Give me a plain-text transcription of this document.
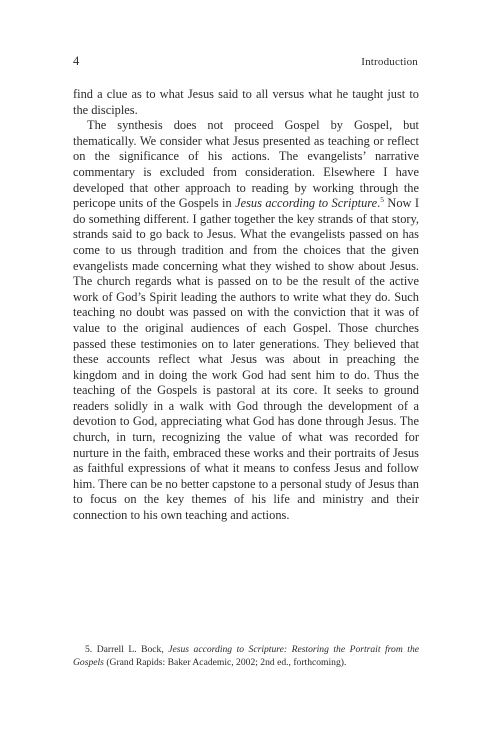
4	Introduction

find a clue as to what Jesus said to all versus what he taught just to the disciples.

The synthesis does not proceed Gospel by Gospel, but thematically. We consider what Jesus presented as teaching or reflect on the significance of his actions. The evangelists’ narrative commentary is excluded from consideration. Elsewhere I have developed that other approach to reading by working through the pericope units of the Gospels in Jesus according to Scripture.$^5$ Now I do something different. I gather together the key strands of that story, strands said to go back to Jesus. What the evangelists passed on has come to us through tradition and from the choices that the given evangelists made concerning what they wished to show about Jesus. The church regards what is passed on to be the result of the active work of God’s Spirit leading the authors to write what they do. Such teaching no doubt was passed on with the conviction that it was of value to the original audiences of each Gospel. Those churches passed these testimonies on to later generations. They believed that these accounts reflect what Jesus was about in preaching the kingdom and in doing the work God had sent him to do. Thus the teaching of the Gospels is pastoral at its core. It seeks to ground readers solidly in a walk with God through the development of a devotion to God, appreciating what God has done through Jesus. The church, in turn, recognizing the value of what was recorded for nurture in the faith, embraced these works and their portraits of Jesus as faithful expressions of what it means to confess Jesus and follow him. There can be no better capstone to a personal study of Jesus than to focus on the key themes of his life and ministry and their connection to his own teaching and actions.

5. Darrell L. Bock, Jesus according to Scripture: Restoring the Portrait from the Gospels (Grand Rapids: Baker Academic, 2002; 2nd ed., forthcoming).
